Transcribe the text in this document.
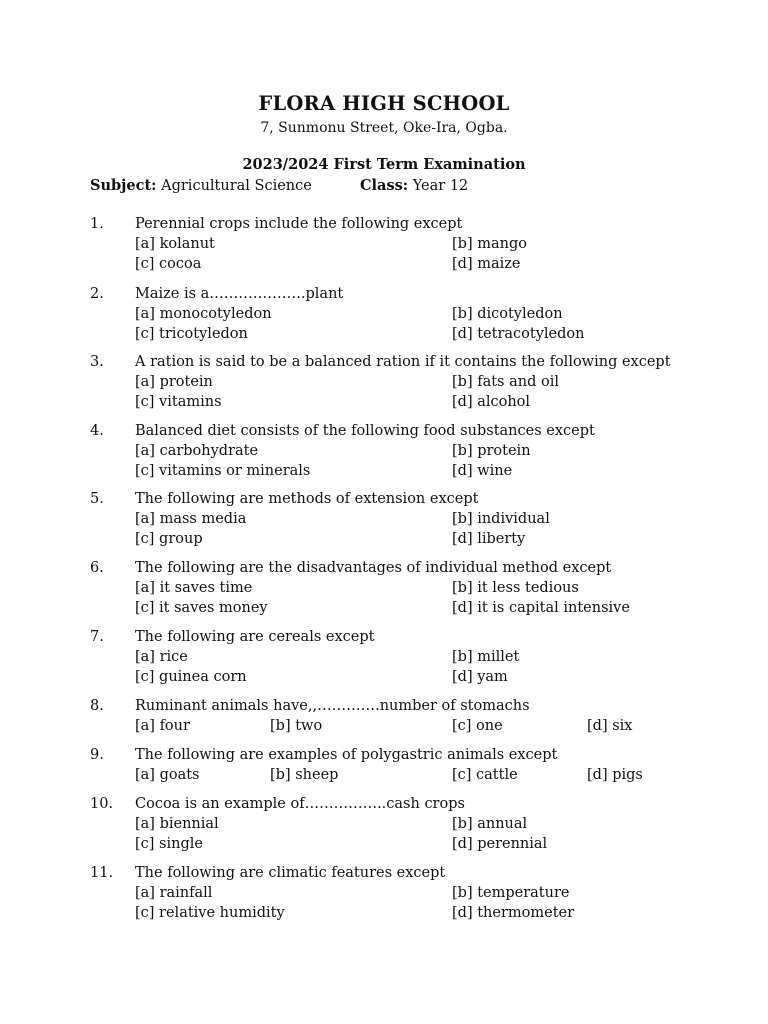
FLORA HIGH SCHOOL
7, Sunmonu Street, Oke-Ira, Ogba.
2023/2024 First Term Examination
Subject: Agricultural Science	Class: Year 12
1. Perennial crops include the following except
[a] kolanut	[b] mango
[c] cocoa	[d] maize
2. Maize is a………………..plant
[a] monocotyledon	[b] dicotyledon
[c] tricotyledon	[d] tetracotyledon
3. A ration is said to be a balanced ration if it contains the following except
[a] protein	[b] fats and oil
[c] vitamins	[d] alcohol
4. Balanced diet consists of the following food substances except
[a] carbohydrate	[b] protein
[c] vitamins or minerals	[d] wine
5. The following are methods of extension except
[a] mass media	[b] individual
[c] group	[d] liberty
6. The following are the disadvantages of individual method except
[a] it saves time	[b] it less tedious
[c] it saves money	[d] it is capital intensive
7. The following are cereals except
[a] rice	[b] millet
[c] guinea corn	[d] yam
8. Ruminant animals have,,………….number of stomachs
[a] four	[b] two	[c] one	[d] six
9. The following are examples of polygastric animals except
[a] goats	[b] sheep	[c] cattle	[d] pigs
10. Cocoa is an example of……………..cash crops
[a] biennial	[b] annual
[c] single	[d] perennial
11. The following are climatic features except
[a] rainfall	[b] temperature
[c] relative humidity	[d] thermometer
